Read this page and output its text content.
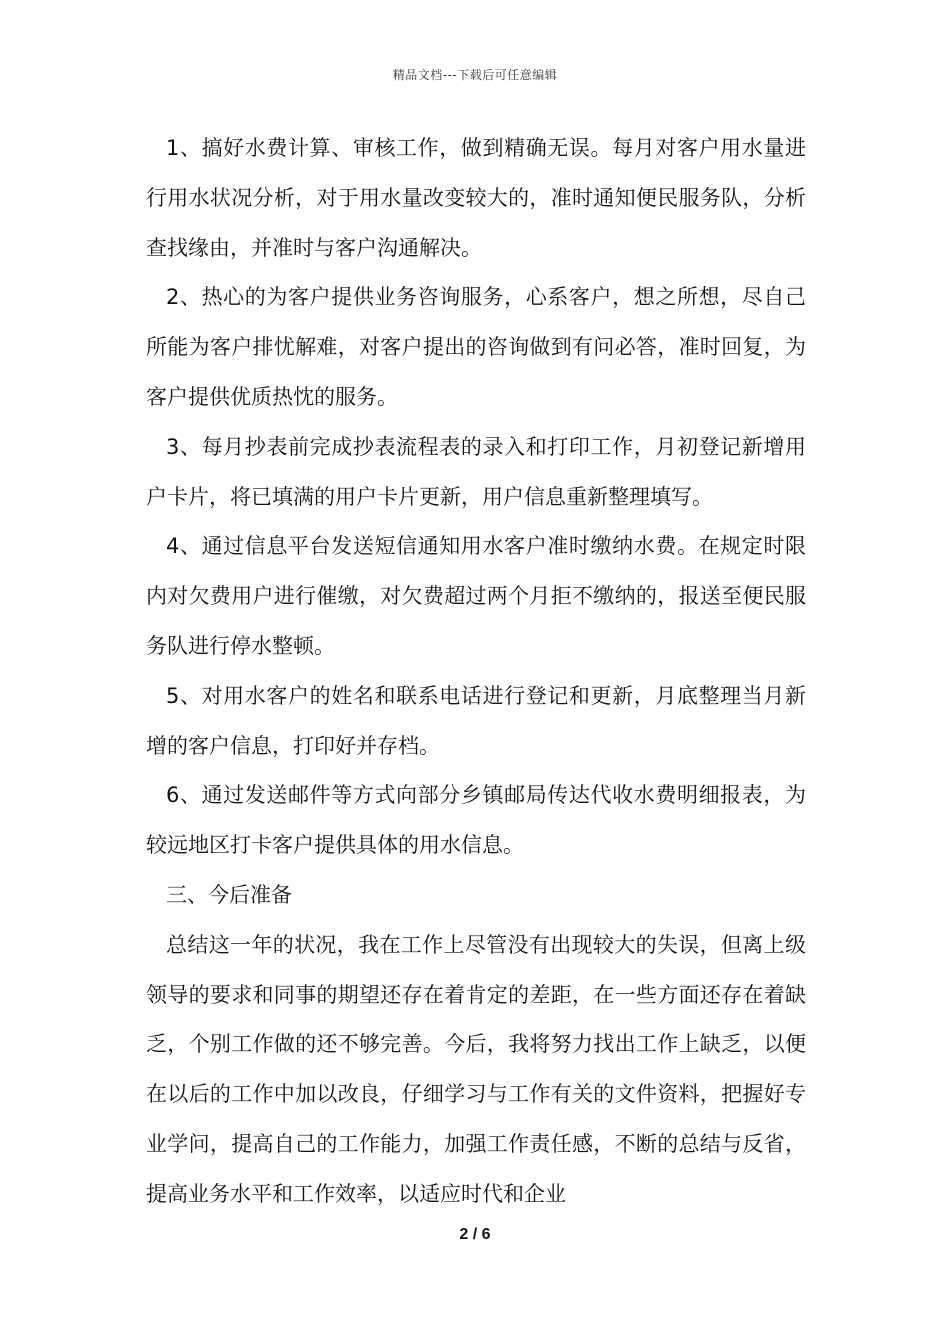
精品文档---下载后可任意编辑

1、搞好水费计算、审核工作，做到精确无误。每月对客户用水量进行用水状况分析，对于用水量改变较大的，准时通知便民服务队，分析查找缘由，并准时与客户沟通解决。

2、热心的为客户提供业务咨询服务，心系客户，想之所想，尽自己所能为客户排忧解难，对客户提出的咨询做到有问必答，准时回复，为客户提供优质热忱的服务。

3、每月抄表前完成抄表流程表的录入和打印工作，月初登记新增用户卡片，将已填满的用户卡片更新，用户信息重新整理填写。

4、通过信息平台发送短信通知用水客户准时缴纳水费。在规定时限内对欠费用户进行催缴，对欠费超过两个月拒不缴纳的，报送至便民服务队进行停水整顿。

5、对用水客户的姓名和联系电话进行登记和更新，月底整理当月新增的客户信息，打印好并存档。

6、通过发送邮件等方式向部分乡镇邮局传达代收水费明细报表，为较远地区打卡客户提供具体的用水信息。

三、今后准备

总结这一年的状况，我在工作上尽管没有出现较大的失误，但离上级领导的要求和同事的期望还存在着肯定的差距，在一些方面还存在着缺乏，个别工作做的还不够完善。今后，我将努力找出工作上缺乏，以便在以后的工作中加以改良，仔细学习与工作有关的文件资料，把握好专业学问，提高自己的工作能力，加强工作责任感，不断的总结与反省，提高业务水平和工作效率，以适应时代和企业

2 / 6
